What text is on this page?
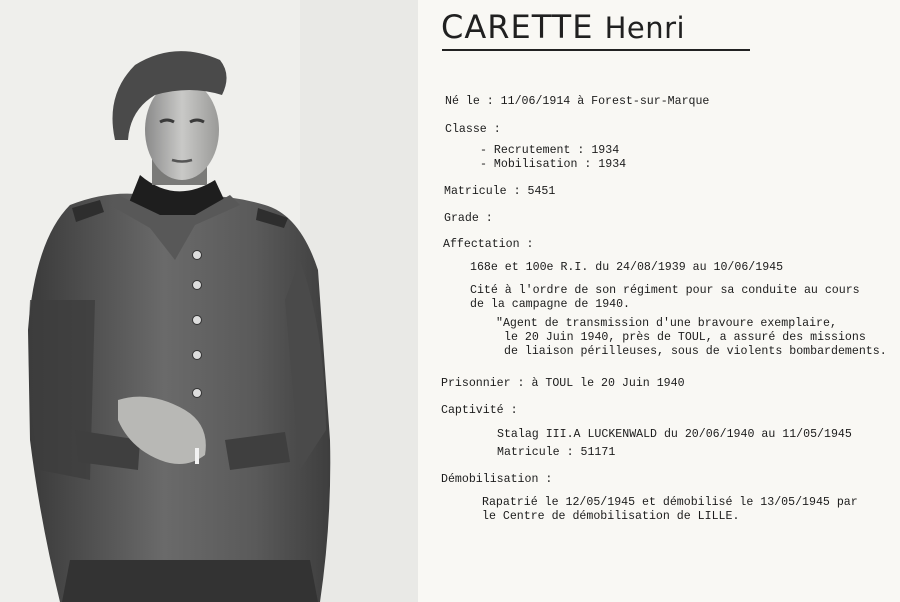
CARETTE Henri
Né le : 11/06/1914 à Forest-sur-Marque
Classe :
- Recrutement : 1934
- Mobilisation : 1934
Matricule : 5451
Grade :
Affectation :
168e et 100e R.I. du 24/08/1939 au 10/06/1945
Cité à l'ordre de son régiment pour sa conduite au cours
de la campagne de 1940.
"Agent de transmission d'une bravoure exemplaire,
le 20 Juin 1940, près de TOUL, a assuré des missions
de liaison périlleuses, sous de violents bombardements.
Prisonnier : à TOUL le 20 Juin 1940
Captivité :
Stalag III.A LUCKENWALD du 20/06/1940 au 11/05/1945
Matricule : 51171
Démobilisation :
Rapatrié le 12/05/1945 et démobilisé le 13/05/1945 par
le Centre de démobilisation de LILLE.
